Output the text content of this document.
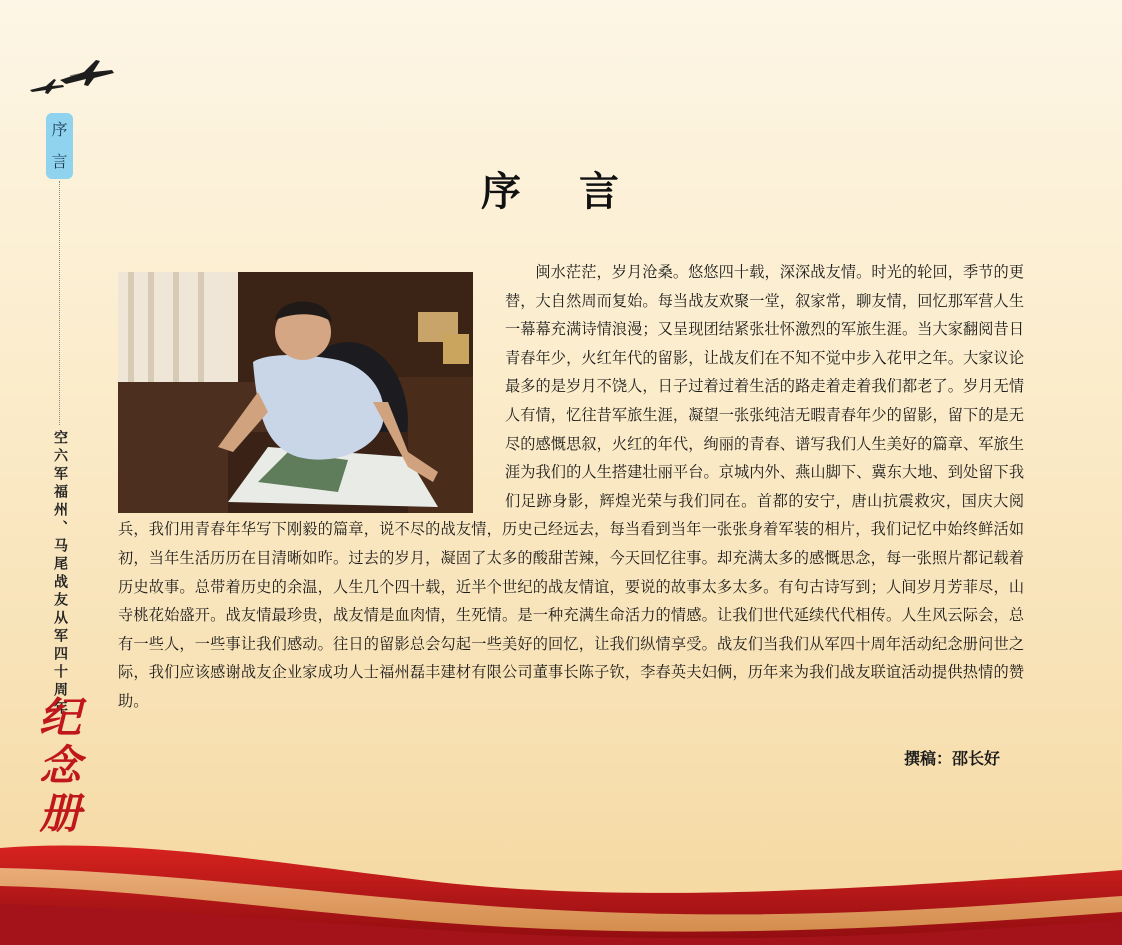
序
言
空六军福州、马尾战友从军四十周年
纪
念
册
序 言

闽水茫茫，岁月沧桑。悠悠四十载，深深战友情。时光的轮回，季节的更替，大自然周而复始。每当战友欢聚一堂，叙家常，聊友情，回忆那军营人生一幕幕充满诗情浪漫；又呈现团结紧张壮怀激烈的军旅生涯。当大家翻阅昔日青春年少，火红年代的留影，让战友们在不知不觉中步入花甲之年。大家议论最多的是岁月不饶人，日子过着过着生活的路走着走着我们都老了。岁月无情人有情，忆往昔军旅生涯，凝望一张张纯洁无暇青春年少的留影，留下的是无尽的感慨思叙，火红的年代，绚丽的青春、谱写我们人生美好的篇章、军旅生涯为我们的人生搭建壮丽平台。京城内外、燕山脚下、冀东大地、到处留下我们足跡身影，辉煌光荣与我们同在。首都的安宁，唐山抗震救灾，国庆大阅兵，我们用青春年华写下刚毅的篇章，说不尽的战友情，历史己经远去，每当看到当年一张张身着军装的相片，我们记忆中始终鲜活如初，当年生活历历在目清晰如昨。过去的岁月，凝固了太多的酸甜苦辣，今天回忆往事。却充满太多的感慨思念，每一张照片都记载着历史故事。总带着历史的余温，人生几个四十载，近半个世纪的战友情谊，要说的故事太多太多。有句古诗写到；人间岁月芳菲尽，山寺桃花始盛开。战友情最珍贵，战友情是血肉情，生死情。是一种充满生命活力的情感。让我们世代延续代代相传。人生风云际会，总有一些人，一些事让我们感动。往日的留影总会勾起一些美好的回忆，让我们纵情享受。战友们当我们从军四十周年活动纪念册问世之际，我们应该感谢战友企业家成功人士福州磊丰建材有限公司董事长陈子钦，李春英夫妇俩，历年来为我们战友联谊活动提供热情的赞助。

撰稿：邵长好
